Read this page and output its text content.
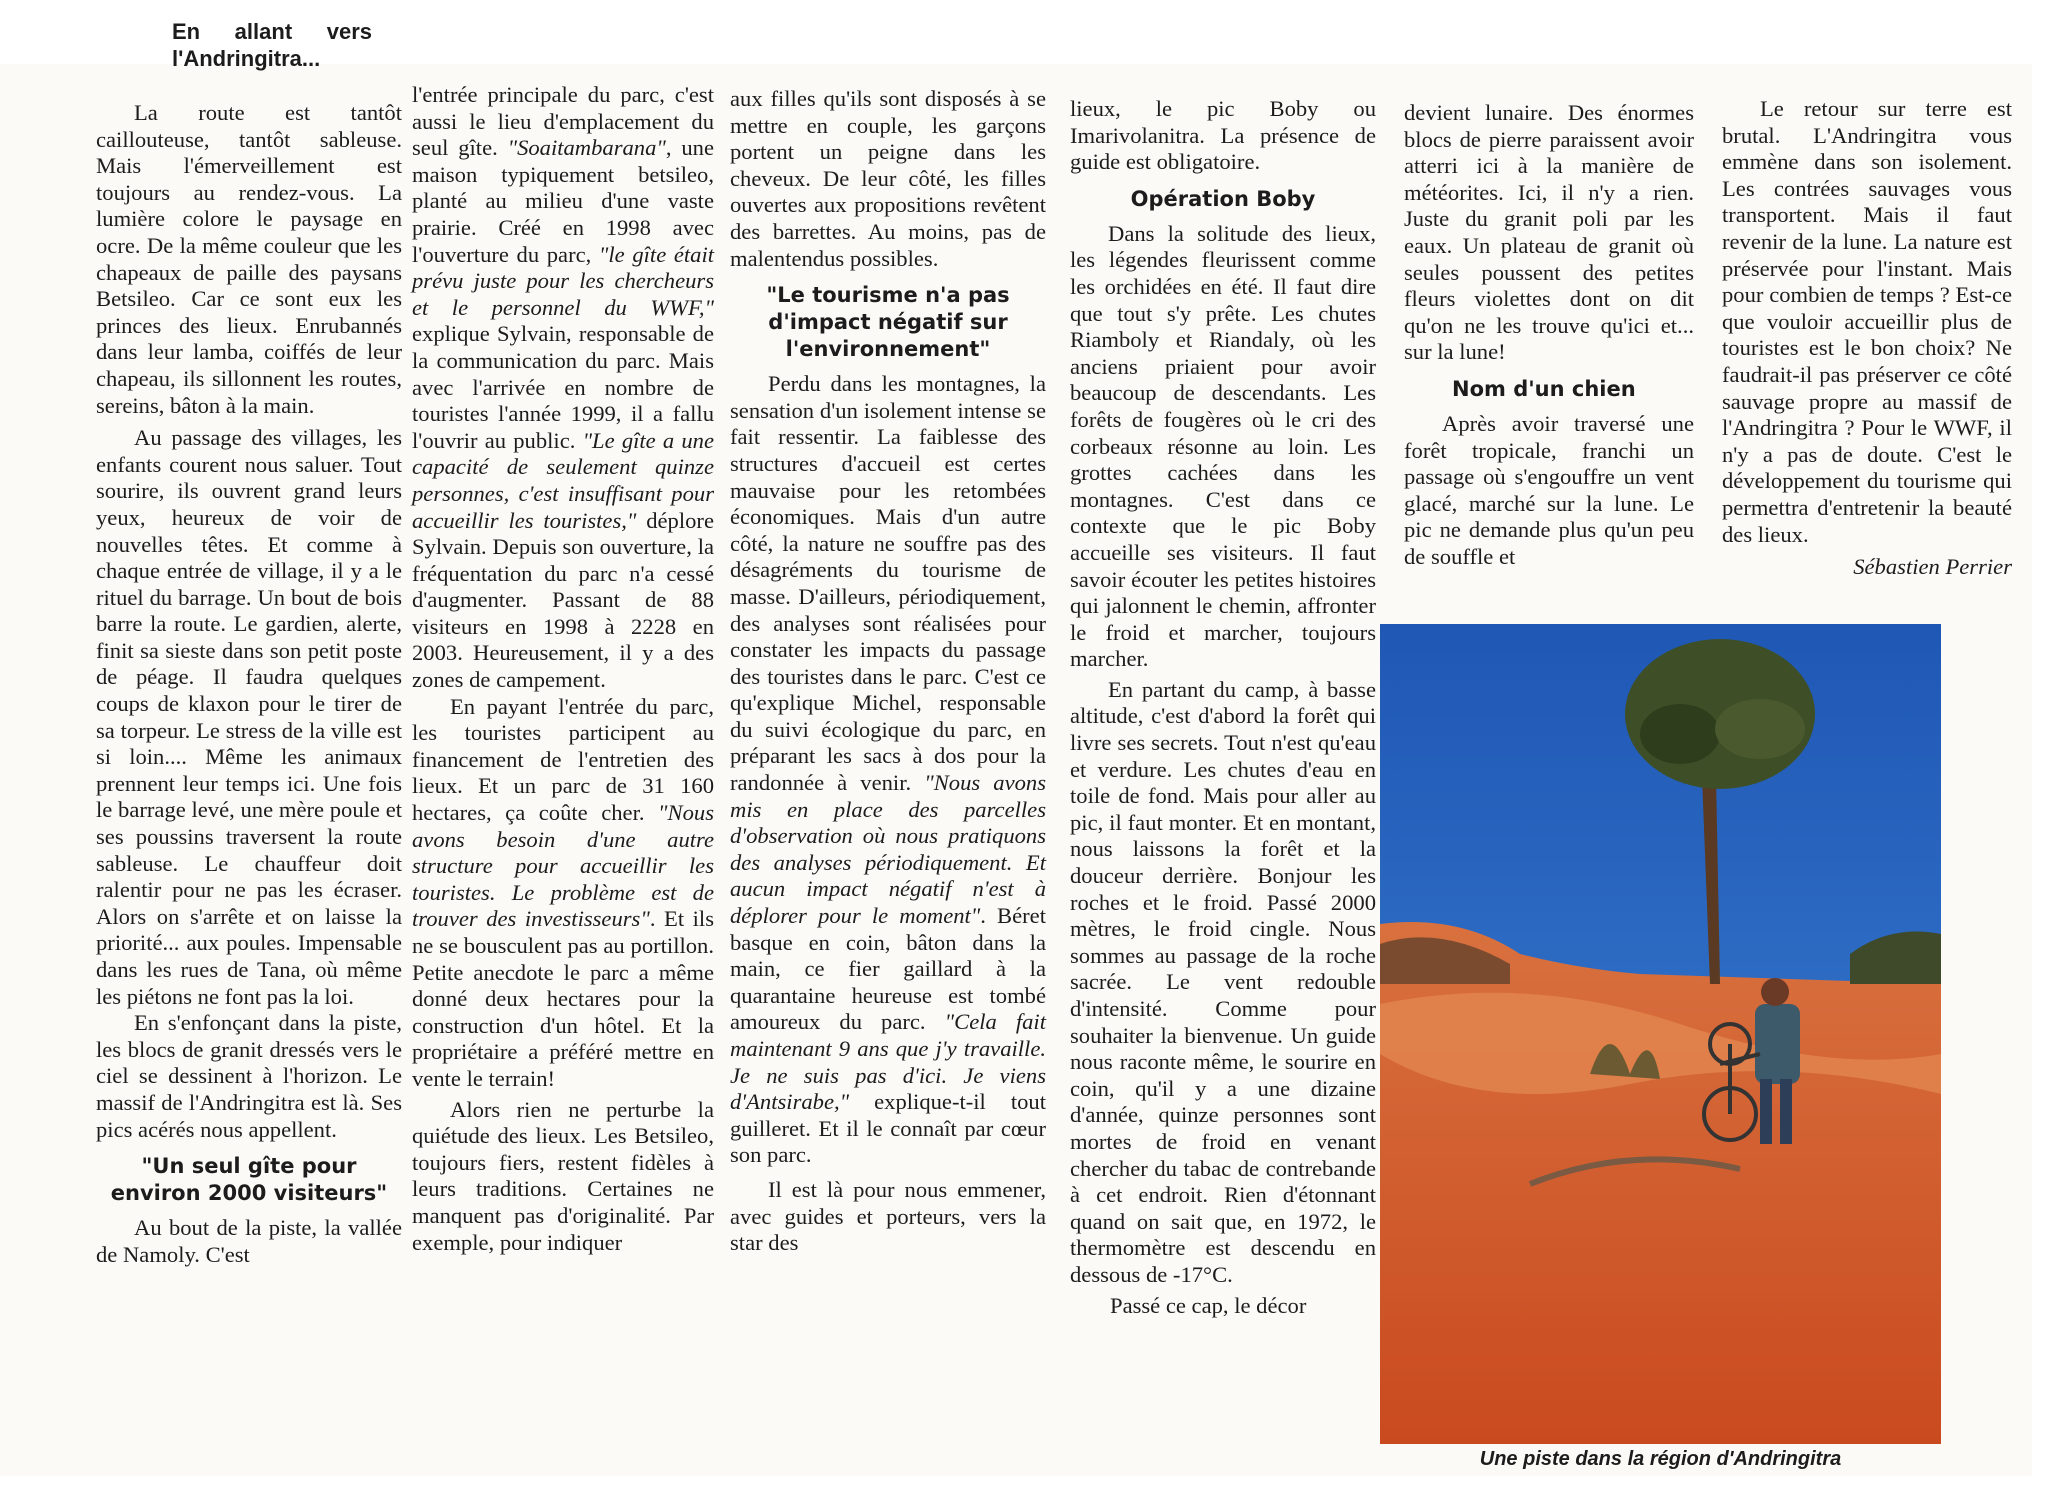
En allant vers l'Andringitra...

La route est tantôt caillouteuse, tantôt sableuse. Mais l'émerveillement est toujours au rendez-vous. La lumière colore le paysage en ocre. De la même couleur que les chapeaux de paille des paysans Betsileo. Car ce sont eux les princes des lieux. Enrubannés dans leur lamba, coiffés de leur chapeau, ils sillonnent les routes, sereins, bâton à la main.

Au passage des villages, les enfants courent nous saluer. Tout sourire, ils ouvrent grand leurs yeux, heureux de voir de nouvelles têtes. Et comme à chaque entrée de village, il y a le rituel du barrage. Un bout de bois barre la route. Le gardien, alerte, finit sa sieste dans son petit poste de péage. Il faudra quelques coups de klaxon pour le tirer de sa torpeur. Le stress de la ville est si loin.... Même les animaux prennent leur temps ici. Une fois le barrage levé, une mère poule et ses poussins traversent la route sableuse. Le chauffeur doit ralentir pour ne pas les écraser. Alors on s'arrête et on laisse la priorité... aux poules. Impensable dans les rues de Tana, où même les piétons ne font pas la loi.

En s'enfonçant dans la piste, les blocs de granit dressés vers le ciel se dessinent à l'horizon. Le massif de l'Andringitra est là. Ses pics acérés nous appellent.

"Un seul gîte pour environ 2000 visiteurs"

Au bout de la piste, la vallée de Namoly. C'est

l'entrée principale du parc, c'est aussi le lieu d'emplacement du seul gîte. "Soaitambarana", une maison typiquement betsileo, planté au milieu d'une vaste prairie. Créé en 1998 avec l'ouverture du parc, "le gîte était prévu juste pour les chercheurs et le personnel du WWF," explique Sylvain, responsable de la communication du parc. Mais avec l'arrivée en nombre de touristes l'année 1999, il a fallu l'ouvrir au public. "Le gîte a une capacité de seulement quinze personnes, c'est insuffisant pour accueillir les touristes," déplore Sylvain. Depuis son ouverture, la fréquentation du parc n'a cessé d'augmenter. Passant de 88 visiteurs en 1998 à 2228 en 2003. Heureusement, il y a des zones de campement.

En payant l'entrée du parc, les touristes participent au financement de l'entretien des lieux. Et un parc de 31 160 hectares, ça coûte cher. "Nous avons besoin d'une autre structure pour accueillir les touristes. Le problème est de trouver des investisseurs". Et ils ne se bousculent pas au portillon. Petite anecdote le parc a même donné deux hectares pour la construction d'un hôtel. Et la propriétaire a préféré mettre en vente le terrain!

Alors rien ne perturbe la quiétude des lieux. Les Betsileo, toujours fiers, restent fidèles à leurs traditions. Certaines ne manquent pas d'originalité. Par exemple, pour indiquer

aux filles qu'ils sont disposés à se mettre en couple, les garçons portent un peigne dans les cheveux. De leur côté, les filles ouvertes aux propositions revêtent des barrettes. Au moins, pas de malentendus possibles.

"Le tourisme n'a pas d'impact négatif sur l'environnement"

Perdu dans les montagnes, la sensation d'un isolement intense se fait ressentir. La faiblesse des structures d'accueil est certes mauvaise pour les retombées économiques. Mais d'un autre côté, la nature ne souffre pas des désagréments du tourisme de masse. D'ailleurs, périodiquement, des analyses sont réalisées pour constater les impacts du passage des touristes dans le parc. C'est ce qu'explique Michel, responsable du suivi écologique du parc, en préparant les sacs à dos pour la randonnée à venir. "Nous avons mis en place des parcelles d'observation où nous pratiquons des analyses périodiquement. Et aucun impact négatif n'est à déplorer pour le moment". Béret basque en coin, bâton dans la main, ce fier gaillard à la quarantaine heureuse est tombé amoureux du parc. "Cela fait maintenant 9 ans que j'y travaille. Je ne suis pas d'ici. Je viens d'Antsirabe," explique-t-il tout guilleret. Et il le connaît par cœur son parc.

Il est là pour nous emmener, avec guides et porteurs, vers la star des

lieux, le pic Boby ou Imarivolanitra. La présence de guide est obligatoire.

Opération Boby

Dans la solitude des lieux, les légendes fleurissent comme les orchidées en été. Il faut dire que tout s'y prête. Les chutes Riamboly et Riandaly, où les anciens priaient pour avoir beaucoup de descendants. Les forêts de fougères où le cri des corbeaux résonne au loin. Les grottes cachées dans les montagnes. C'est dans ce contexte que le pic Boby accueille ses visiteurs. Il faut savoir écouter les petites histoires qui jalonnent le chemin, affronter le froid et marcher, toujours marcher.

En partant du camp, à basse altitude, c'est d'abord la forêt qui livre ses secrets. Tout n'est qu'eau et verdure. Les chutes d'eau en toile de fond. Mais pour aller au pic, il faut monter. Et en montant, nous laissons la forêt et la douceur derrière. Bonjour les roches et le froid. Passé 2000 mètres, le froid cingle. Nous sommes au passage de la roche sacrée. Le vent redouble d'intensité. Comme pour souhaiter la bienvenue. Un guide nous raconte même, le sourire en coin, qu'il y a une dizaine d'année, quinze personnes sont mortes de froid en venant chercher du tabac de contrebande à cet endroit. Rien d'étonnant quand on sait que, en 1972, le thermomètre est descendu en dessous de -17°C.

Passé ce cap, le décor

devient lunaire. Des énormes blocs de pierre paraissent avoir atterri ici à la manière de météorites. Ici, il n'y a rien. Juste du granit poli par les eaux. Un plateau de granit où seules poussent des petites fleurs violettes dont on dit qu'on ne les trouve qu'ici et... sur la lune!

Nom d'un chien

Après avoir traversé une forêt tropicale, franchi un passage où s'engouffre un vent glacé, marché sur la lune. Le pic ne demande plus qu'un peu de souffle et

Le retour sur terre est brutal. L'Andringitra vous emmène dans son isolement. Les contrées sauvages vous transportent. Mais il faut revenir de la lune. La nature est préservée pour l'instant. Mais pour combien de temps ? Est-ce que vouloir accueillir plus de touristes est le bon choix? Ne faudrait-il pas préserver ce côté sauvage propre au massif de l'Andringitra ? Pour le WWF, il n'y a pas de doute. C'est le développement du tourisme qui permettra d'entretenir la beauté des lieux.

Sébastien Perrier
Une piste dans la région d'Andringitra
